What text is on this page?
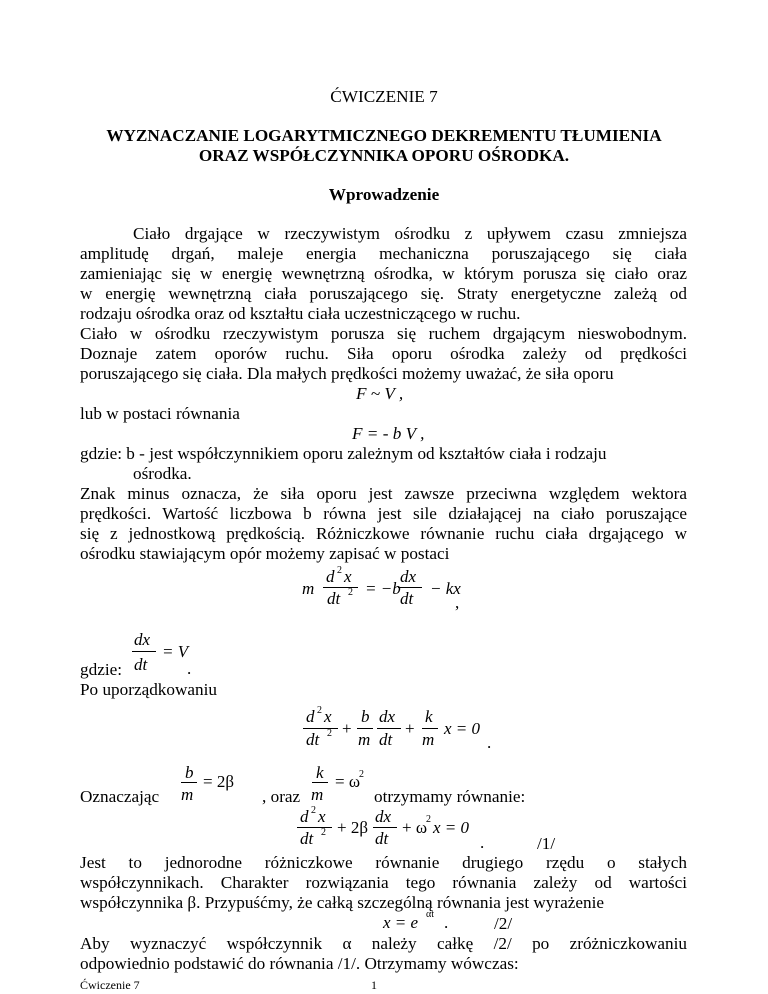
ĆWICZENIE 7
WYZNACZANIE LOGARYTMICZNEGO DEKREMENTU TŁUMIENIA
ORAZ WSPÓŁCZYNNIKA OPORU OŚRODKA.
Wprowadzenie
Ciało drgające w rzeczywistym ośrodku z upływem czasu zmniejsza
amplitudę drgań, maleje energia mechaniczna poruszającego się ciała
zamieniając się w energię wewnętrzną ośrodka, w którym porusza się ciało oraz
w energię wewnętrzną ciała poruszającego się. Straty energetyczne zależą od
rodzaju ośrodka oraz od kształtu ciała uczestniczącego w ruchu.
Ciało w ośrodku rzeczywistym porusza się ruchem drgającym nieswobodnym.
Doznaje zatem oporów ruchu. Siła oporu ośrodka zależy od prędkości
poruszającego się ciała. Dla małych prędkości możemy uważać, że siła oporu
F ~ V ,
lub w postaci równania
F = - b V ,
gdzie: b - jest współczynnikiem oporu zależnym od kształtów ciała i rodzaju
ośrodka.
Znak minus oznacza, że siła oporu jest zawsze przeciwna względem wektora
prędkości. Wartość liczbowa b równa jest sile działającej na ciało poruszające
się z jednostkową prędkością. Różniczkowe równanie ruchu ciała drgającego w
ośrodku stawiającym opór możemy zapisać w postaci
m
d 2 x
dt 2 = −b
dx
dt
− kx
,
gdzie:
dx
dt
= V
.
Po uporządkowaniu
d 2 x
dt 2 +
b
m
dx
dt
+
k
m
x = 0
.
Oznaczając
b
m
= 2β
, oraz
k
m
= ω
2
otrzymamy równanie:
d 2 x
dt 2 + 2β
dx
dt
+ ω
2 x = 0
.	/1/
Jest to jednorodne różniczkowe równanie drugiego rzędu o stałych
współczynnikach. Charakter rozwiązania tego równania zależy od wartości
współczynnika β. Przypuśćmy, że całką szczególną równania jest wyrażenie
x = e αt .	/2/
Aby wyznaczyć współczynnik α należy całkę /2/ po zróżniczkowaniu
odpowiednio podstawić do równania /1/. Otrzymamy wówczas:
Ćwiczenie 7	1
